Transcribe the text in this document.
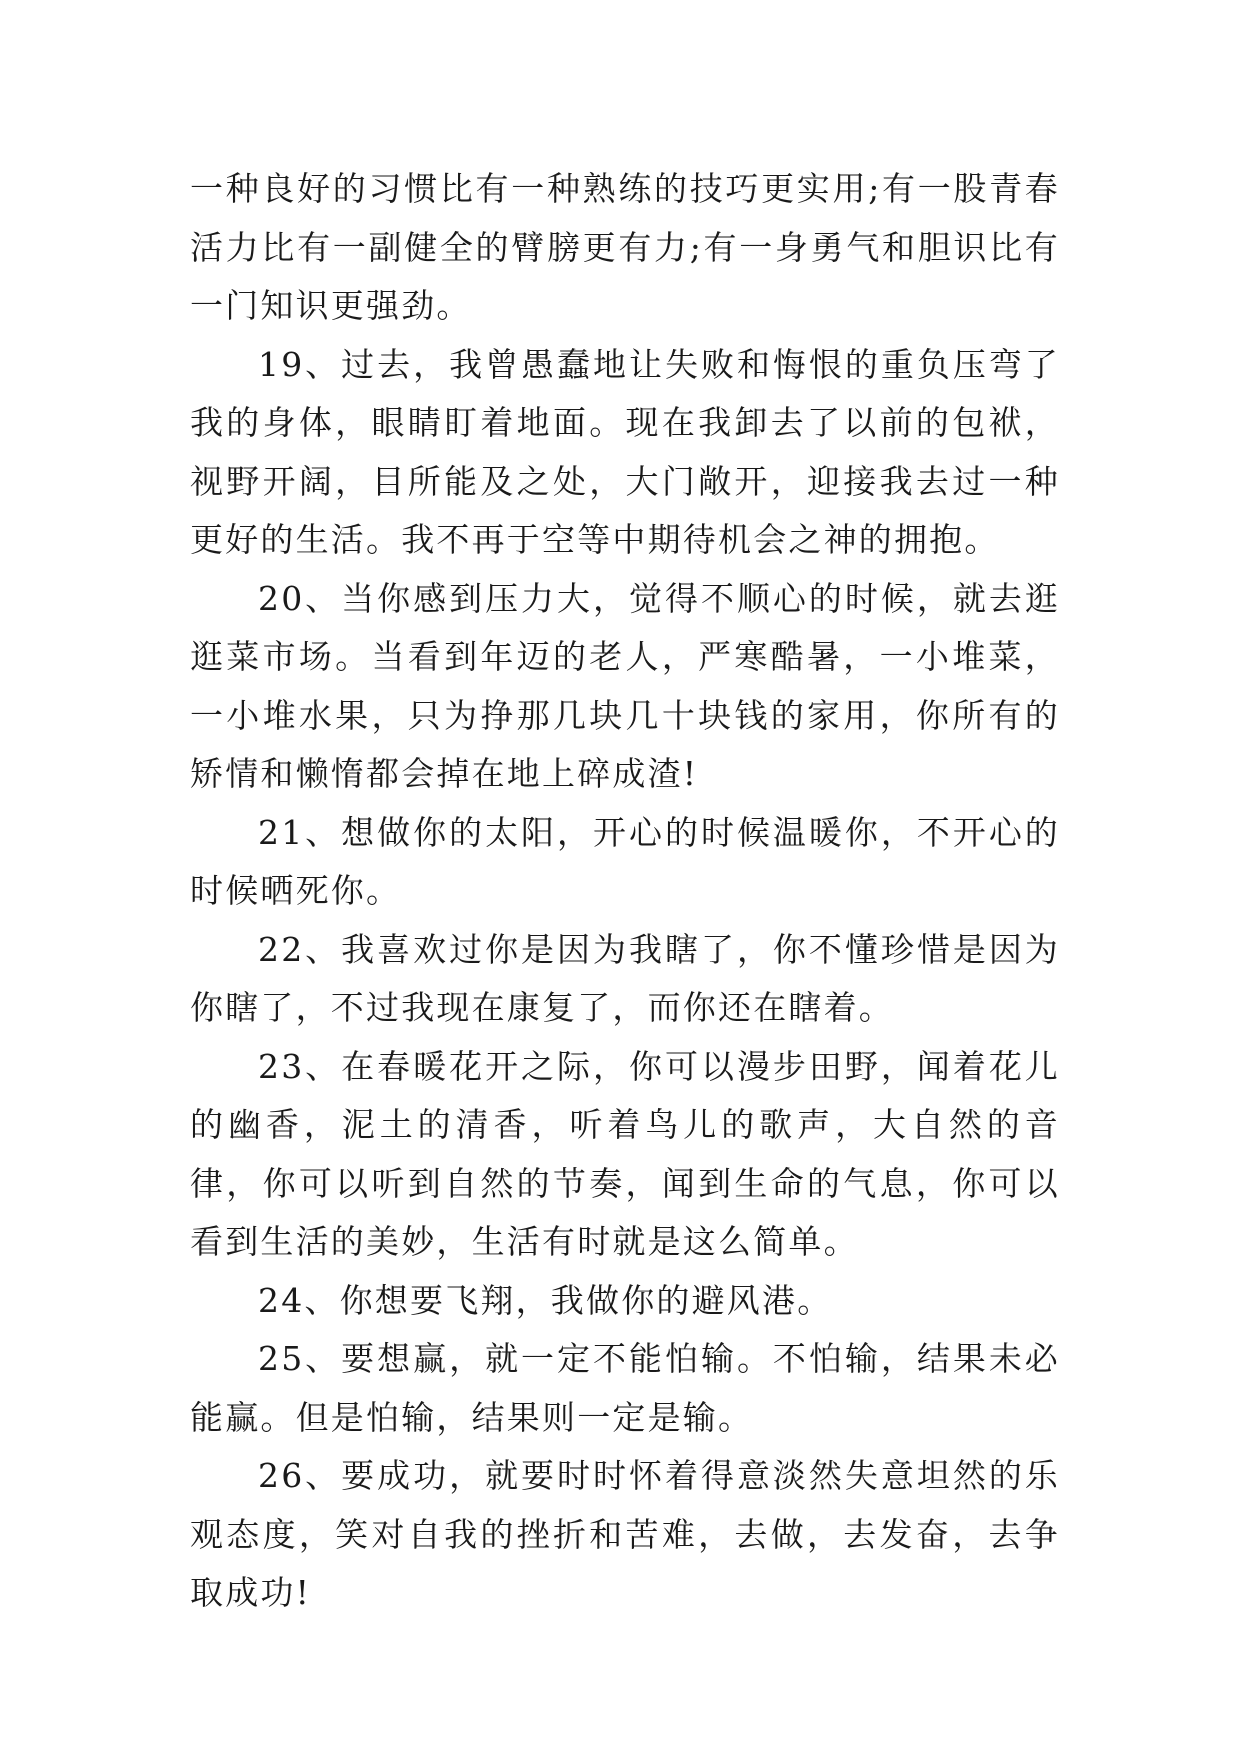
一种良好的习惯比有一种熟练的技巧更实用;有一股青春活力比有一副健全的臂膀更有力;有一身勇气和胆识比有一门知识更强劲。

19、过去，我曾愚蠢地让失败和悔恨的重负压弯了我的身体，眼睛盯着地面。现在我卸去了以前的包袱，视野开阔，目所能及之处，大门敞开，迎接我去过一种更好的生活。我不再于空等中期待机会之神的拥抱。

20、当你感到压力大，觉得不顺心的时候，就去逛逛菜市场。当看到年迈的老人，严寒酷暑，一小堆菜，一小堆水果，只为挣那几块几十块钱的家用，你所有的矫情和懒惰都会掉在地上碎成渣!

21、想做你的太阳，开心的时候温暖你，不开心的时候晒死你。

22、我喜欢过你是因为我瞎了，你不懂珍惜是因为你瞎了，不过我现在康复了，而你还在瞎着。

23、在春暖花开之际，你可以漫步田野，闻着花儿的幽香，泥土的清香，听着鸟儿的歌声，大自然的音律，你可以听到自然的节奏，闻到生命的气息，你可以看到生活的美妙，生活有时就是这么简单。

24、你想要飞翔，我做你的避风港。

25、要想赢，就一定不能怕输。不怕输，结果未必能赢。但是怕输，结果则一定是输。

26、要成功，就要时时怀着得意淡然失意坦然的乐观态度，笑对自我的挫折和苦难，去做，去发奋，去争取成功!
